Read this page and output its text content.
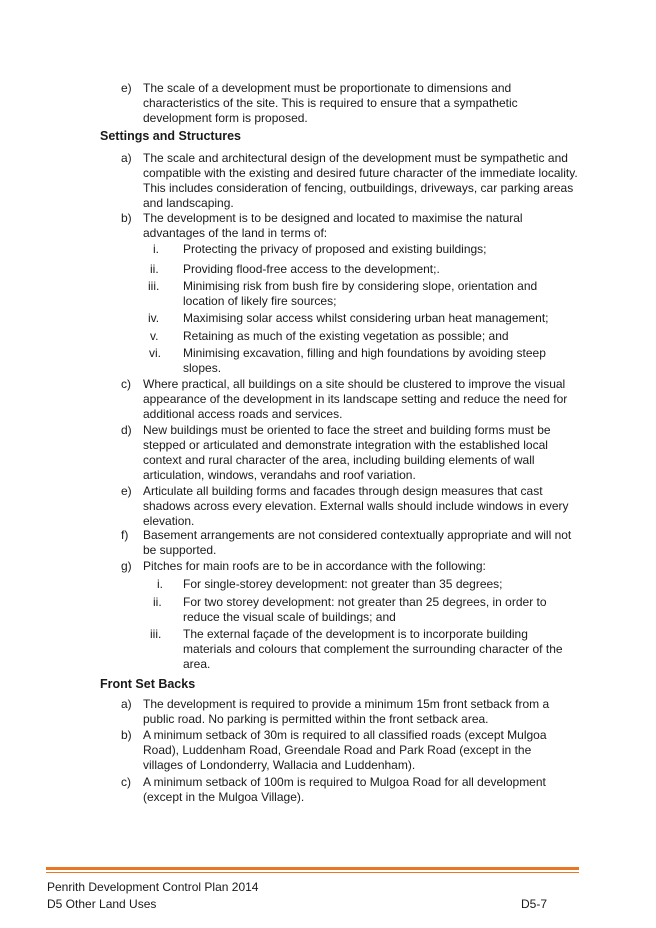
e) The scale of a development must be proportionate to dimensions and characteristics of the site. This is required to ensure that a sympathetic development form is proposed.
Settings and Structures
a) The scale and architectural design of the development must be sympathetic and compatible with the existing and desired future character of the immediate locality. This includes consideration of fencing, outbuildings, driveways, car parking areas and landscaping.
b) The development is to be designed and located to maximise the natural advantages of the land in terms of:
i. Protecting the privacy of proposed and existing buildings;
ii. Providing flood-free access to the development;.
iii. Minimising risk from bush fire by considering slope, orientation and location of likely fire sources;
iv. Maximising solar access whilst considering urban heat management;
v. Retaining as much of the existing vegetation as possible; and
vi. Minimising excavation, filling and high foundations by avoiding steep slopes.
c) Where practical, all buildings on a site should be clustered to improve the visual appearance of the development in its landscape setting and reduce the need for additional access roads and services.
d) New buildings must be oriented to face the street and building forms must be stepped or articulated and demonstrate integration with the established local context and rural character of the area, including building elements of wall articulation, windows, verandahs and roof variation.
e) Articulate all building forms and facades through design measures that cast shadows across every elevation. External walls should include windows in every elevation.
f) Basement arrangements are not considered contextually appropriate and will not be supported.
g) Pitches for main roofs are to be in accordance with the following:
i. For single-storey development: not greater than 35 degrees;
ii. For two storey development: not greater than 25 degrees, in order to reduce the visual scale of buildings; and
iii. The external façade of the development is to incorporate building materials and colours that complement the surrounding character of the area.
Front Set Backs
a) The development is required to provide a minimum 15m front setback from a public road. No parking is permitted within the front setback area.
b) A minimum setback of 30m is required to all classified roads (except Mulgoa Road), Luddenham Road, Greendale Road and Park Road (except in the villages of Londonderry, Wallacia and Luddenham).
c) A minimum setback of 100m is required to Mulgoa Road for all development (except in the Mulgoa Village).
Penrith Development Control Plan 2014
D5 Other Land Uses	D5-7
